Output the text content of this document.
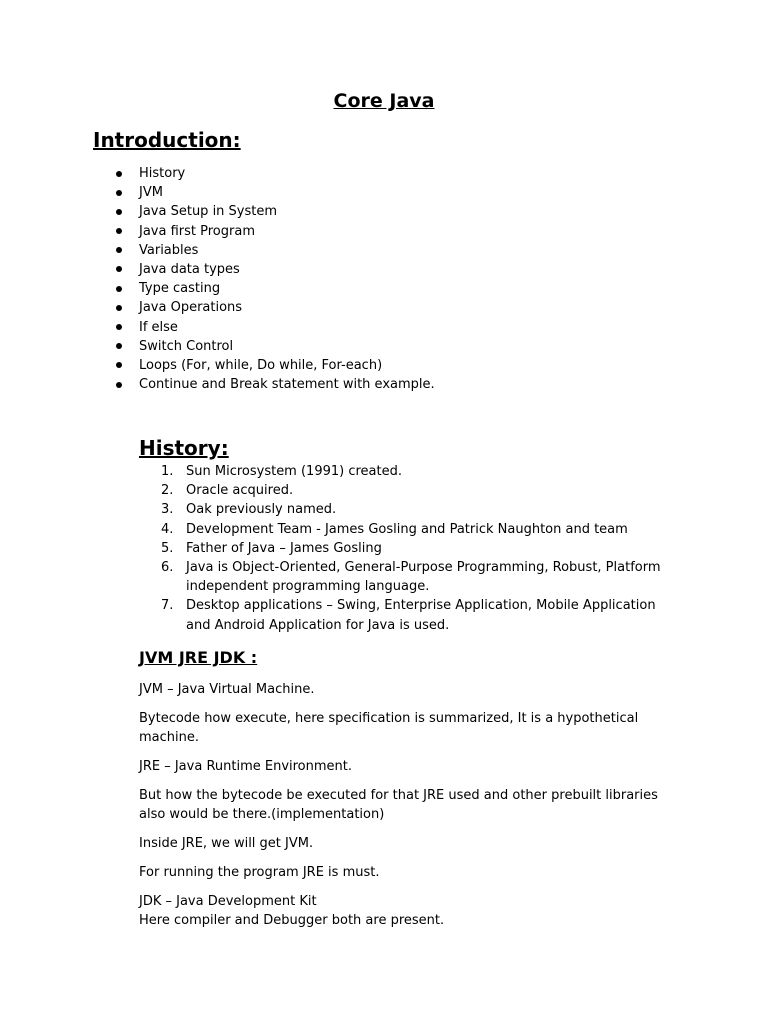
Core Java
Introduction:
History
JVM
Java Setup in System
Java first Program
Variables
Java data types
Type casting
Java Operations
If else
Switch Control
Loops (For, while, Do while, For-each)
Continue and Break statement with example.
History:
1. Sun Microsystem (1991) created.
2. Oracle acquired.
3. Oak previously named.
4. Development Team - James Gosling and Patrick Naughton and team
5. Father of Java – James Gosling
6. Java is Object-Oriented, General-Purpose Programming, Robust, Platform independent programming language.
7. Desktop applications – Swing, Enterprise Application, Mobile Application and Android Application for Java is used.
JVM JRE JDK :

JVM – Java Virtual Machine.

Bytecode how execute, here specification is summarized, It is a hypothetical machine.

JRE – Java Runtime Environment.

But how the bytecode be executed for that JRE used and other prebuilt libraries also would be there.(implementation)

Inside JRE, we will get JVM.

For running the program JRE is must.

JDK – Java Development Kit

Here compiler and Debugger both are present.
